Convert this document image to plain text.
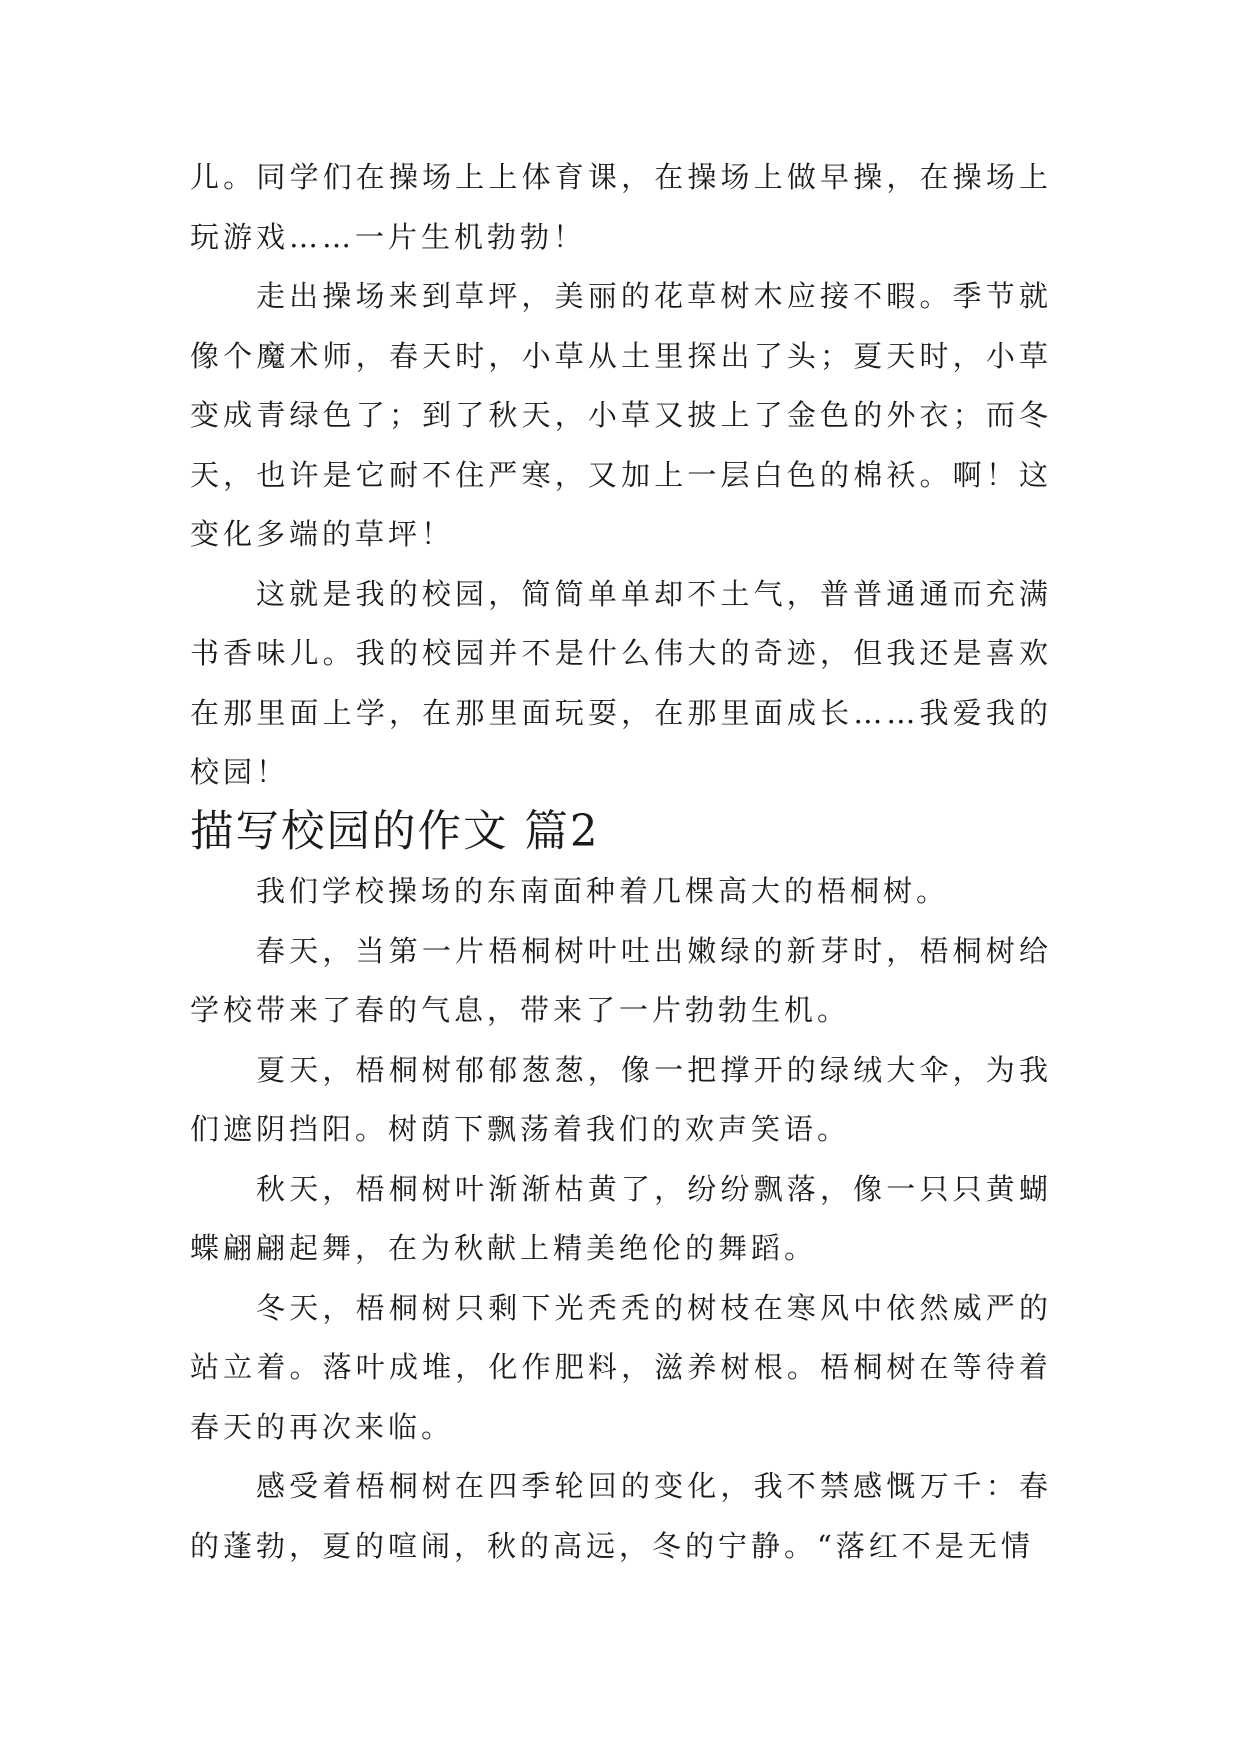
儿。同学们在操场上上体育课，在操场上做早操，在操场上玩游戏……一片生机勃勃！

走出操场来到草坪，美丽的花草树木应接不暇。季节就像个魔术师，春天时，小草从土里探出了头；夏天时，小草变成青绿色了；到了秋天，小草又披上了金色的外衣；而冬天，也许是它耐不住严寒，又加上一层白色的棉袄。啊！这变化多端的草坪！

这就是我的校园，简简单单却不土气，普普通通而充满书香味儿。我的校园并不是什么伟大的奇迹，但我还是喜欢在那里面上学，在那里面玩耍，在那里面成长……我爱我的校园！

描写校园的作文 篇2

我们学校操场的东南面种着几棵高大的梧桐树。

春天，当第一片梧桐树叶吐出嫩绿的新芽时，梧桐树给学校带来了春的气息，带来了一片勃勃生机。

夏天，梧桐树郁郁葱葱，像一把撑开的绿绒大伞，为我们遮阴挡阳。树荫下飘荡着我们的欢声笑语。

秋天，梧桐树叶渐渐枯黄了，纷纷飘落，像一只只黄蝴蝶翩翩起舞，在为秋献上精美绝伦的舞蹈。

冬天，梧桐树只剩下光秃秃的树枝在寒风中依然威严的站立着。落叶成堆，化作肥料，滋养树根。梧桐树在等待着春天的再次来临。

感受着梧桐树在四季轮回的变化，我不禁感慨万千：春的蓬勃，夏的喧闹，秋的高远，冬的宁静。“落红不是无情
